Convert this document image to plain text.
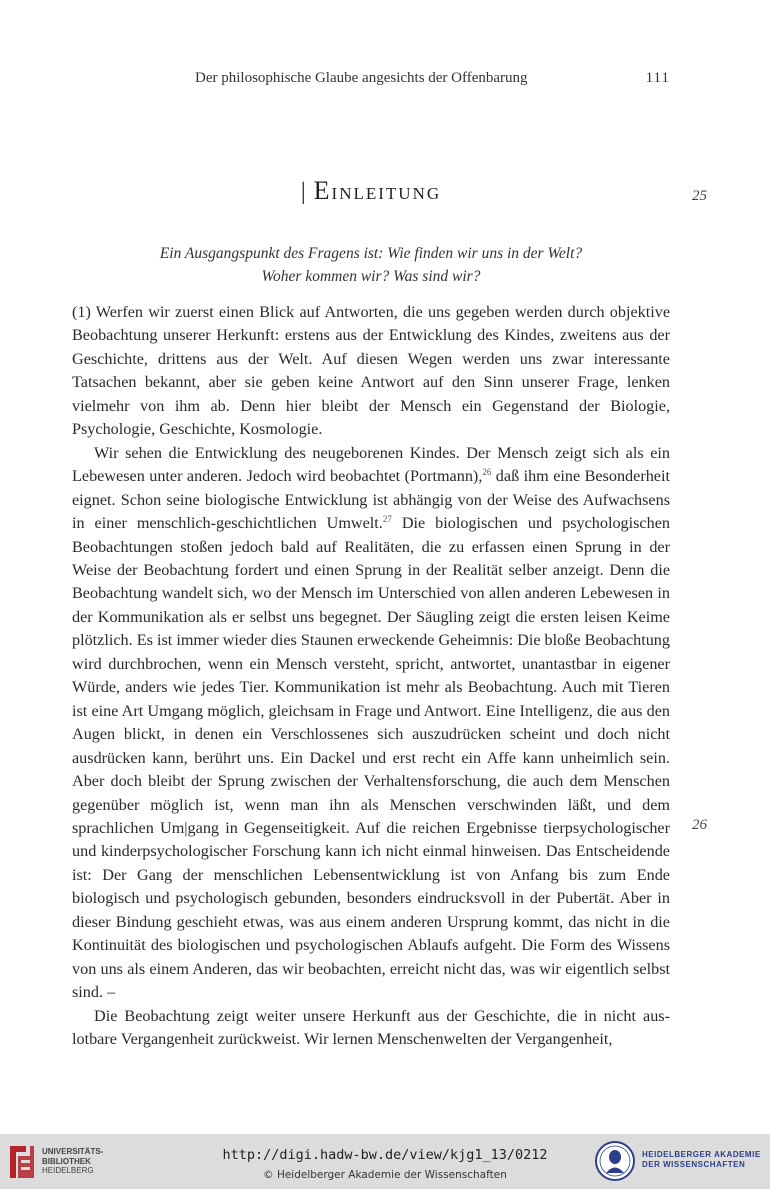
Der philosophische Glaube angesichts der Offenbarung	111
| Einleitung	25
26
Ein Ausgangspunkt des Fragens ist: Wie finden wir uns in der Welt?
Woher kommen wir? Was sind wir?

(1) Werfen wir zuerst einen Blick auf Antworten, die uns gegeben werden durch objektive Beobachtung unserer Herkunft: erstens aus der Entwicklung des Kindes, zweitens aus der Geschichte, drittens aus der Welt. Auf diesen Wegen werden uns zwar interessante Tatsachen bekannt, aber sie geben keine Antwort auf den Sinn unserer Frage, lenken vielmehr von ihm ab. Denn hier bleibt der Mensch ein Gegenstand der Biologie, Psychologie, Geschichte, Kosmologie.

Wir sehen die Entwicklung des neugeborenen Kindes. Der Mensch zeigt sich als ein Lebewesen unter anderen. Jedoch wird beobachtet (Portmann),$^{26}$ daß ihm eine Besonderheit eignet. Schon seine biologische Entwicklung ist abhängig von der Weise des Aufwachsens in einer menschlich-geschichtlichen Umwelt.$^{27}$ Die biologischen und psychologischen Beobachtungen stoßen jedoch bald auf Realitäten, die zu erfassen einen Sprung in der Weise der Beobachtung fordert und einen Sprung in der Realität selber anzeigt. Denn die Beobachtung wandelt sich, wo der Mensch im Unterschied von allen anderen Lebewesen in der Kommunikation als er selbst uns begegnet. Der Säugling zeigt die ersten leisen Keime plötzlich. Es ist immer wieder dies Staunen erweckende Geheimnis: Die bloße Beobachtung wird durchbrochen, wenn ein Mensch versteht, spricht, antwortet, unantastbar in eigener Würde, anders wie jedes Tier. Kommunikation ist mehr als Beobachtung. Auch mit Tieren ist eine Art Umgang möglich, gleichsam in Frage und Antwort. Eine Intelligenz, die aus den Augen blickt, in denen ein Verschlossenes sich auszudrücken scheint und doch nicht ausdrücken kann, berührt uns. Ein Dackel und erst recht ein Affe kann unheimlich sein. Aber doch bleibt der Sprung zwischen der Verhaltensforschung, die auch dem Menschen gegenüber möglich ist, wenn man ihn als Menschen verschwinden läßt, und dem sprachlichen Um|gang in Gegenseitigkeit. Auf die reichen Ergebnisse tierpsychologischer und kinderpsychologischer Forschung kann ich nicht einmal hinweisen. Das Entscheidende ist: Der Gang der menschlichen Lebensentwicklung ist von Anfang bis zum Ende biologisch und psychologisch gebunden, besonders eindrucksvoll in der Pubertät. Aber in dieser Bindung geschieht etwas, was aus einem anderen Ursprung kommt, das nicht in die Kontinuität des biologischen und psychologischen Ablaufs aufgeht. Die Form des Wissens von uns als einem Anderen, das wir beobachten, erreicht nicht das, was wir eigentlich selbst sind. –

Die Beobachtung zeigt weiter unsere Herkunft aus der Geschichte, die in nicht auslotbare Vergangenheit zurückweist. Wir lernen Menschenwelten der Vergangenheit,

UNIVERSITÄTS-
BIBLIOTHEK
HEIDELBERG
http://digi.hadw-bw.de/view/kjg1_13/0212
© Heidelberger Akademie der Wissenschaften
HEIDELBERGER AKADEMIE
DER WISSENSCHAFTEN
